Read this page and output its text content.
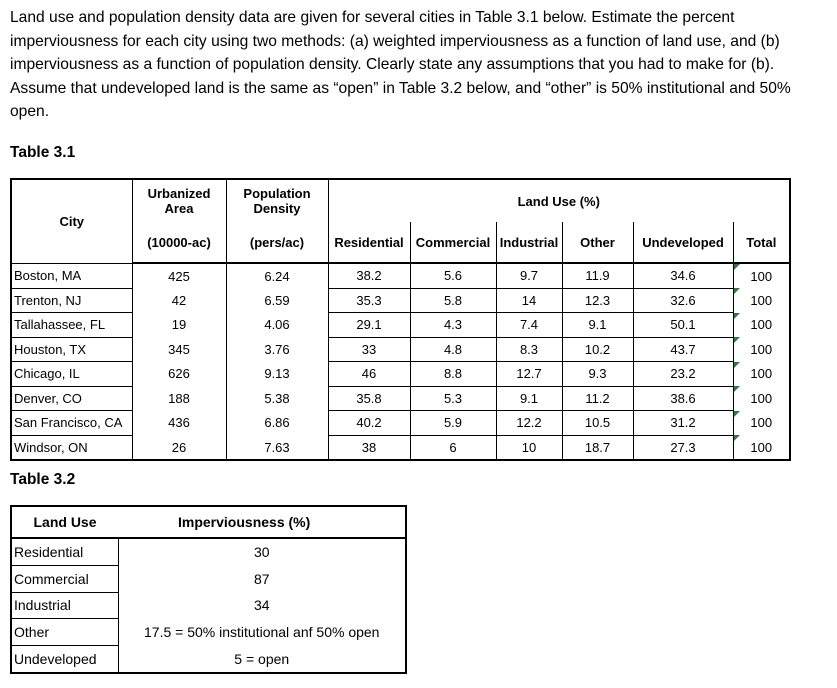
Land use and population density data are given for several cities in Table 3.1 below. Estimate the percent imperviousness for each city using two methods: (a) weighted imperviousness as a function of land use, and (b) imperviousness as a function of population density. Clearly state any assumptions that you had to make for (b). Assume that undeveloped land is the same as “open” in Table 3.2 below, and “other” is 50% institutional and 50% open.

Table 3.1

City	Urbanized Area	Population Density	Land Use (%)					
	(10000-ac)	(pers/ac)	Residential	Commercial	Industrial	Other	Undeveloped	Total
Boston, MA	425	6.24	38.2	5.6	9.7	11.9	34.6	100

Trenton, NJ	42	6.59	35.3	5.8	14	12.3	32.6	100

Tallahassee, FL	19	4.06	29.1	4.3	7.4	9.1	50.1	100

Houston, TX	345	3.76	33	4.8	8.3	10.2	43.7	100

Chicago, IL	626	9.13	46	8.8	12.7	9.3	23.2	100

Denver, CO	188	5.38	35.8	5.3	9.1	11.2	38.6	100

San Francisco, CA	436	6.86	40.2	5.9	12.2	10.5	31.2	100

Windsor, ON	26	7.63	38	6	10	18.7	27.3	100

Table 3.2

Land Use	Imperviousness (%)
Residential	30
Commercial	87
Industrial	34
Other	17.5 = 50% institutional anf 50% open
Undeveloped	5 = open
